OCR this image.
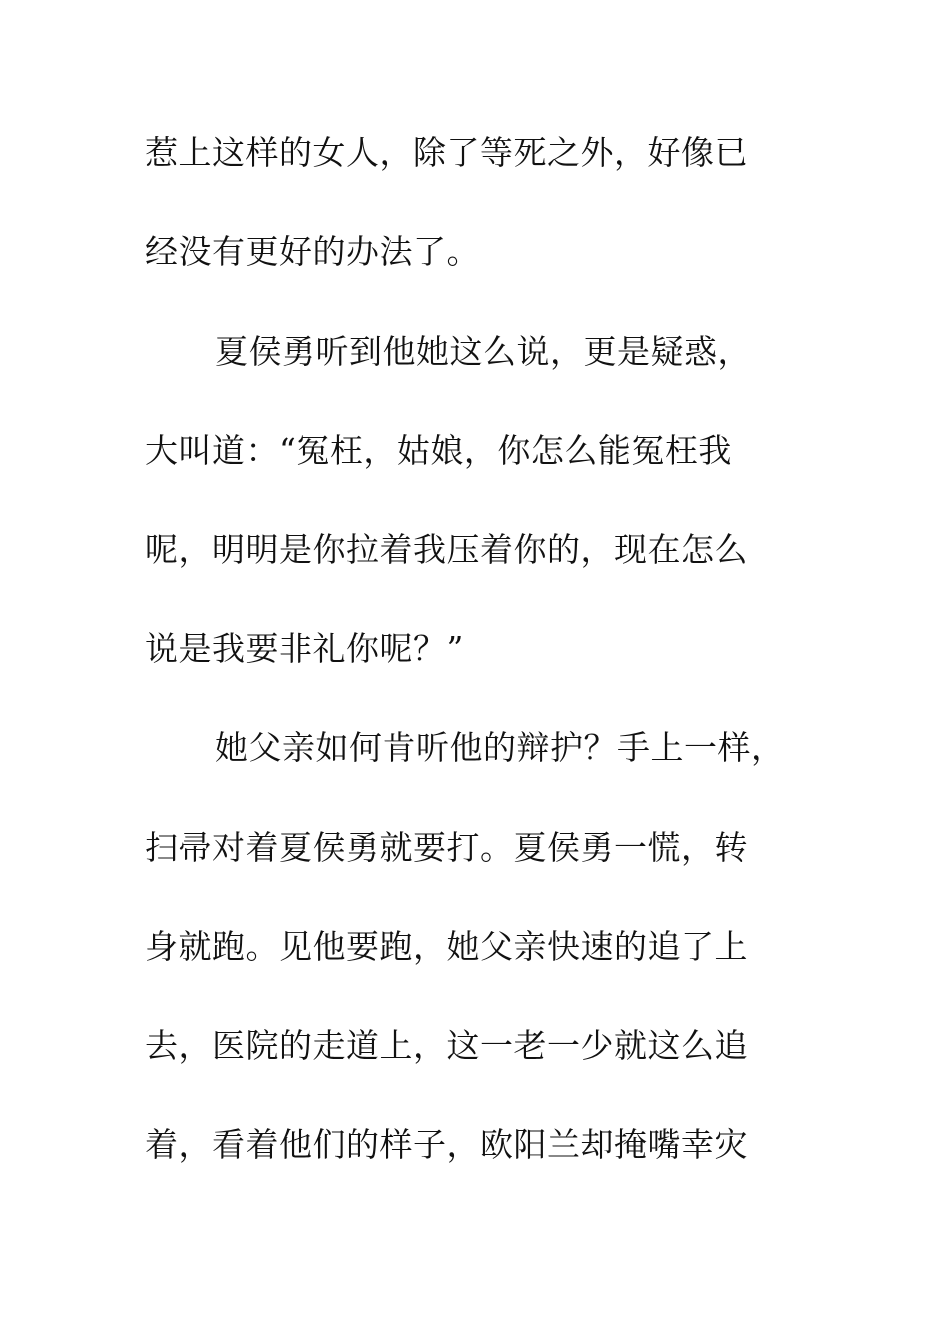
惹上这样的女人，除了等死之外，好像已
经没有更好的办法了。
夏侯勇听到他她这么说，更是疑惑，
大叫道：“冤枉，姑娘，你怎么能冤枉我
呢，明明是你拉着我压着你的，现在怎么
说是我要非礼你呢？”
她父亲如何肯听他的辩护？手上一样，
扫帚对着夏侯勇就要打。夏侯勇一慌，转
身就跑。见他要跑，她父亲快速的追了上
去，医院的走道上，这一老一少就这么追
着，看着他们的样子，欧阳兰却掩嘴幸灾
